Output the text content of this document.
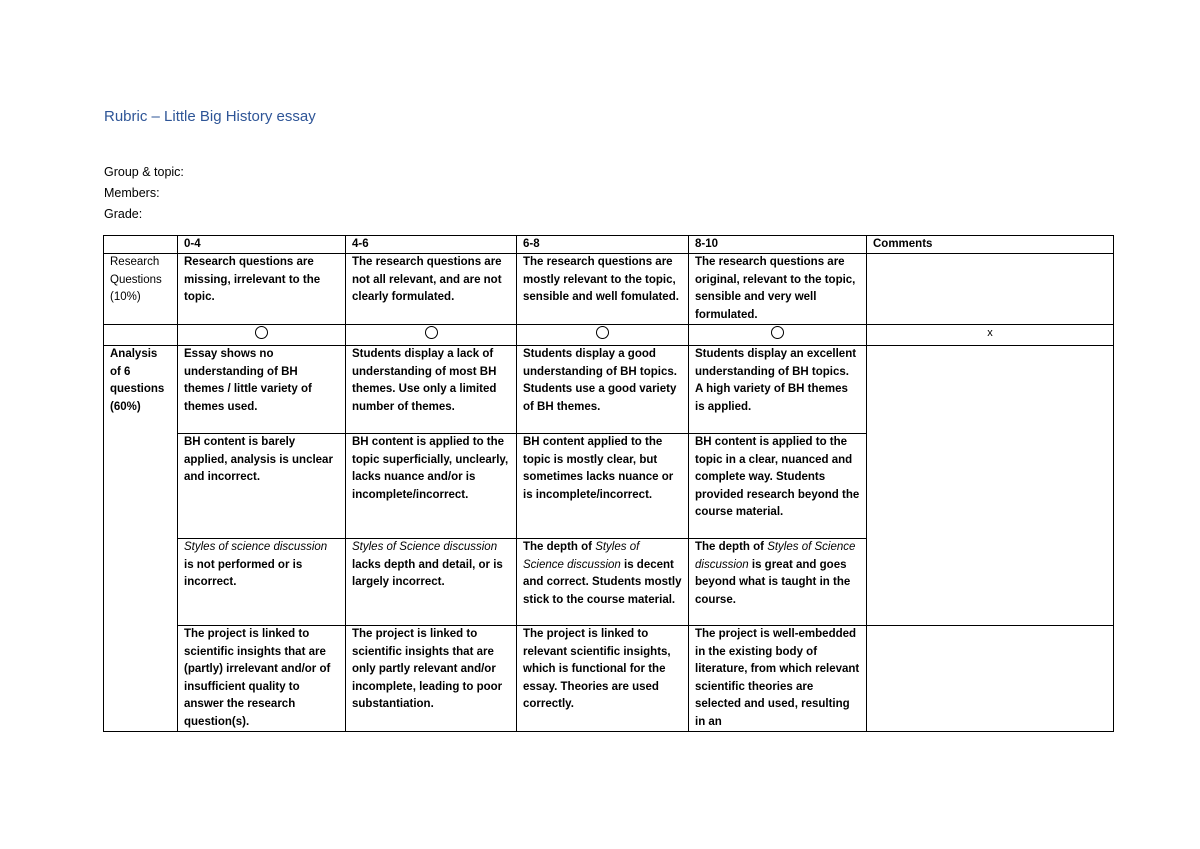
Rubric – Little Big History essay
Group & topic:
Members:
Grade:
	0-4	4-6	6-8	8-10	Comments
Research Questions (10%)	Research questions are missing, irrelevant to the topic.	The research questions are not all relevant, and are not clearly formulated.	The research questions are mostly relevant to the topic, sensible and well fomulated.	The research questions are original, relevant to the topic, sensible and very well formulated.	
					x
Analysis of 6 questions (60%)	Essay shows no understanding of BH themes / little variety of themes used.	Students display a lack of understanding of most BH themes. Use only a limited number of themes.	Students display a good understanding of BH topics. Students use a good variety of BH themes.	Students display an excellent understanding of BH topics. A high variety of BH themes is applied.	
	BH content is barely applied, analysis is unclear and incorrect.	BH content is applied to the topic superficially, unclearly, lacks nuance and/or is incomplete/incorrect.	BH content applied to the topic is mostly clear, but sometimes lacks nuance or is incomplete/incorrect.	BH content is applied to the topic in a clear, nuanced and complete way. Students provided research beyond the course material.	
	Styles of science discussion is not performed or is incorrect.	Styles of Science discussion lacks depth and detail, or is largely incorrect.	The depth of Styles of Science discussion is decent and correct. Students mostly stick to the course material.	The depth of Styles of Science discussion is great and goes beyond what is taught in the course.	
	The project is linked to scientific insights that are (partly) irrelevant and/or of insufficient quality to answer the research question(s).	The project is linked to scientific insights that are only partly relevant and/or incomplete, leading to poor substantiation.	The project is linked to relevant scientific insights, which is functional for the essay. Theories are used correctly.	The project is well-embedded in the existing body of literature, from which relevant scientific theories are selected and used, resulting in an	
